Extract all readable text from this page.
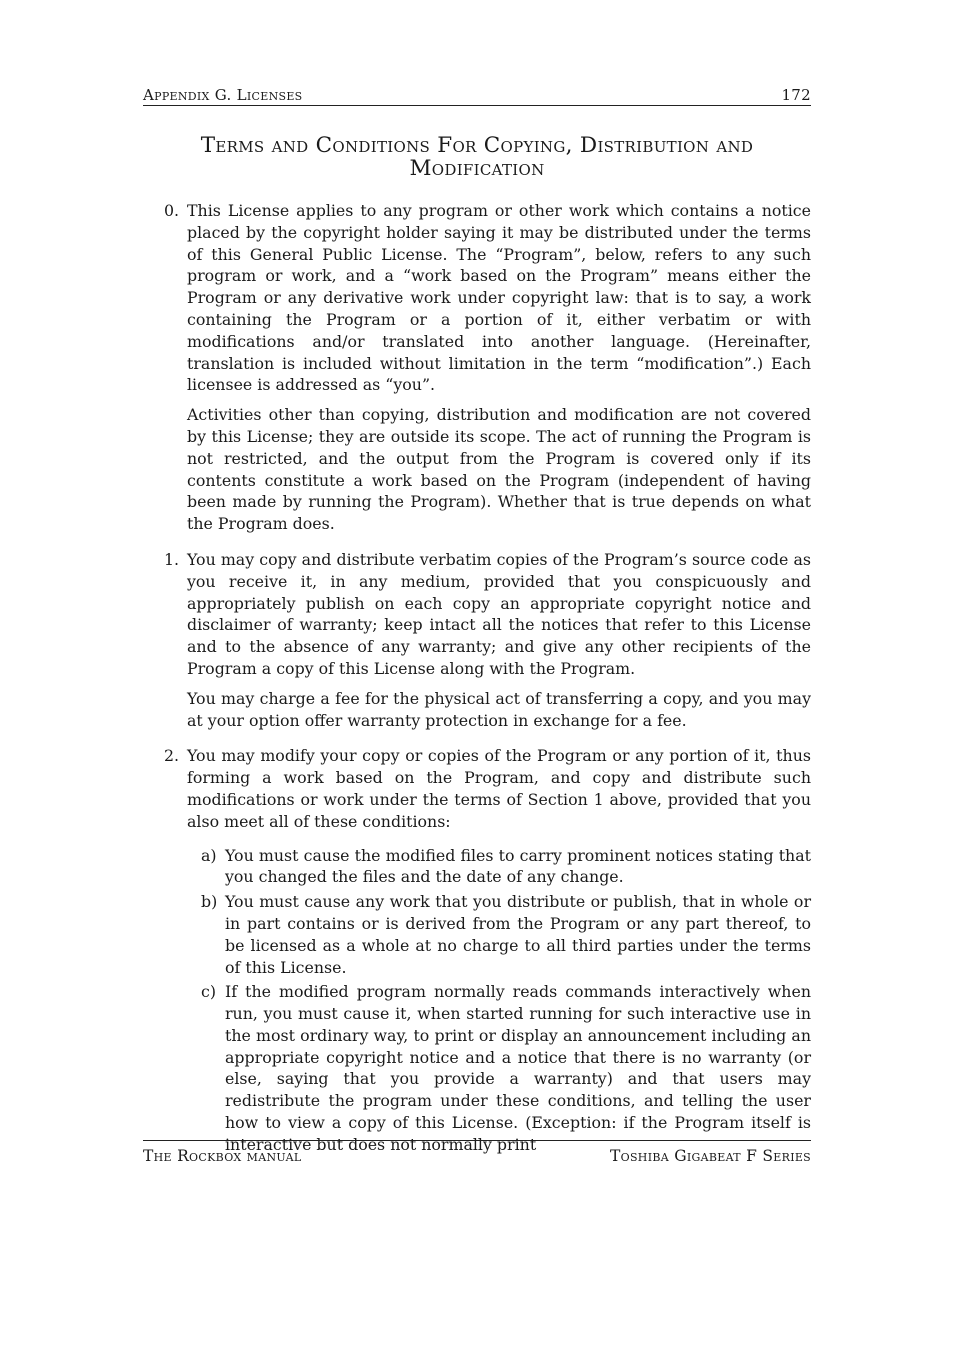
Appendix G. Licenses	172
Terms and Conditions For Copying, Distribution and
Modification
0. This License applies to any program or other work which contains a notice placed by the copyright holder saying it may be distributed under the terms of this General Public License. The “Program”, below, refers to any such program or work, and a “work based on the Program” means either the Program or any derivative work under copyright law: that is to say, a work containing the Program or a portion of it, either verbatim or with modifications and/or translated into another language. (Hereinafter, translation is included without limitation in the term “modification”.) Each licensee is addressed as “you”.

Activities other than copying, distribution and modification are not covered by this License; they are outside its scope. The act of running the Program is not restricted, and the output from the Program is covered only if its contents constitute a work based on the Program (independent of having been made by running the Program). Whether that is true depends on what the Program does.

1. You may copy and distribute verbatim copies of the Program’s source code as you receive it, in any medium, provided that you conspicuously and appropriately publish on each copy an appropriate copyright notice and disclaimer of warranty; keep intact all the notices that refer to this License and to the absence of any warranty; and give any other recipients of the Program a copy of this License along with the Program.

You may charge a fee for the physical act of transferring a copy, and you may at your option offer warranty protection in exchange for a fee.

2. You may modify your copy or copies of the Program or any portion of it, thus forming a work based on the Program, and copy and distribute such modifications or work under the terms of Section 1 above, provided that you also meet all of these conditions:

a) You must cause the modified files to carry prominent notices stating that you changed the files and the date of any change.
b) You must cause any work that you distribute or publish, that in whole or in part contains or is derived from the Program or any part thereof, to be licensed as a whole at no charge to all third parties under the terms of this License.
c) If the modified program normally reads commands interactively when run, you must cause it, when started running for such interactive use in the most ordinary way, to print or display an announcement including an appropriate copyright notice and a notice that there is no warranty (or else, saying that you provide a warranty) and that users may redistribute the program under these conditions, and telling the user how to view a copy of this License. (Exception: if the Program itself is interactive but does not normally print
The Rockbox manual	Toshiba Gigabeat F Series
